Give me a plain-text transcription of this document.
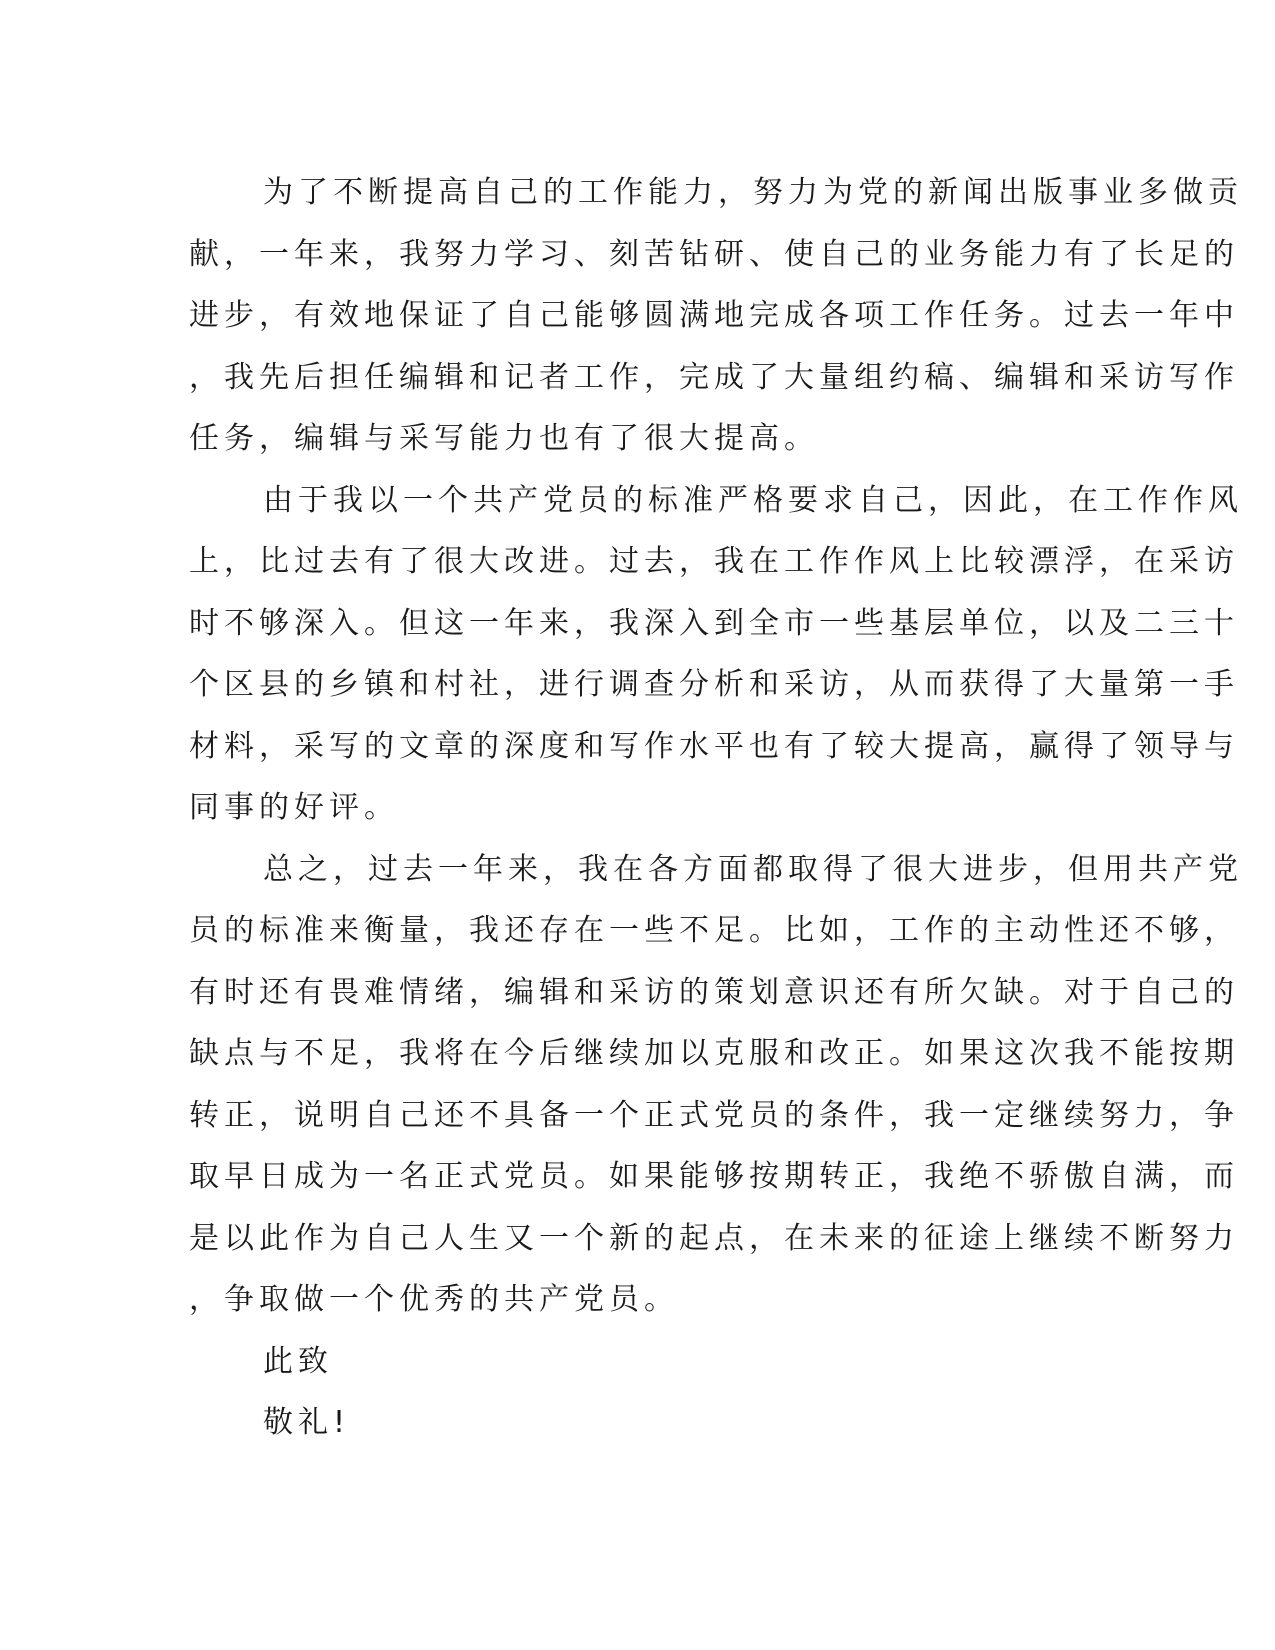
为了不断提高自己的工作能力，努力为党的新闻出版事业多做贡
献，一年来，我努力学习、刻苦钻研、使自己的业务能力有了长足的
进步，有效地保证了自己能够圆满地完成各项工作任务。过去一年中
，我先后担任编辑和记者工作，完成了大量组约稿、编辑和采访写作
任务，编辑与采写能力也有了很大提高。
由于我以一个共产党员的标准严格要求自己，因此，在工作作风
上，比过去有了很大改进。过去，我在工作作风上比较漂浮，在采访
时不够深入。但这一年来，我深入到全市一些基层单位，以及二三十
个区县的乡镇和村社，进行调查分析和采访，从而获得了大量第一手
材料，采写的文章的深度和写作水平也有了较大提高，赢得了领导与
同事的好评。
总之，过去一年来，我在各方面都取得了很大进步，但用共产党
员的标准来衡量，我还存在一些不足。比如，工作的主动性还不够，
有时还有畏难情绪，编辑和采访的策划意识还有所欠缺。对于自己的
缺点与不足，我将在今后继续加以克服和改正。如果这次我不能按期
转正，说明自己还不具备一个正式党员的条件，我一定继续努力，争
取早日成为一名正式党员。如果能够按期转正，我绝不骄傲自满，而
是以此作为自己人生又一个新的起点，在未来的征途上继续不断努力
，争取做一个优秀的共产党员。
此致
敬礼!
